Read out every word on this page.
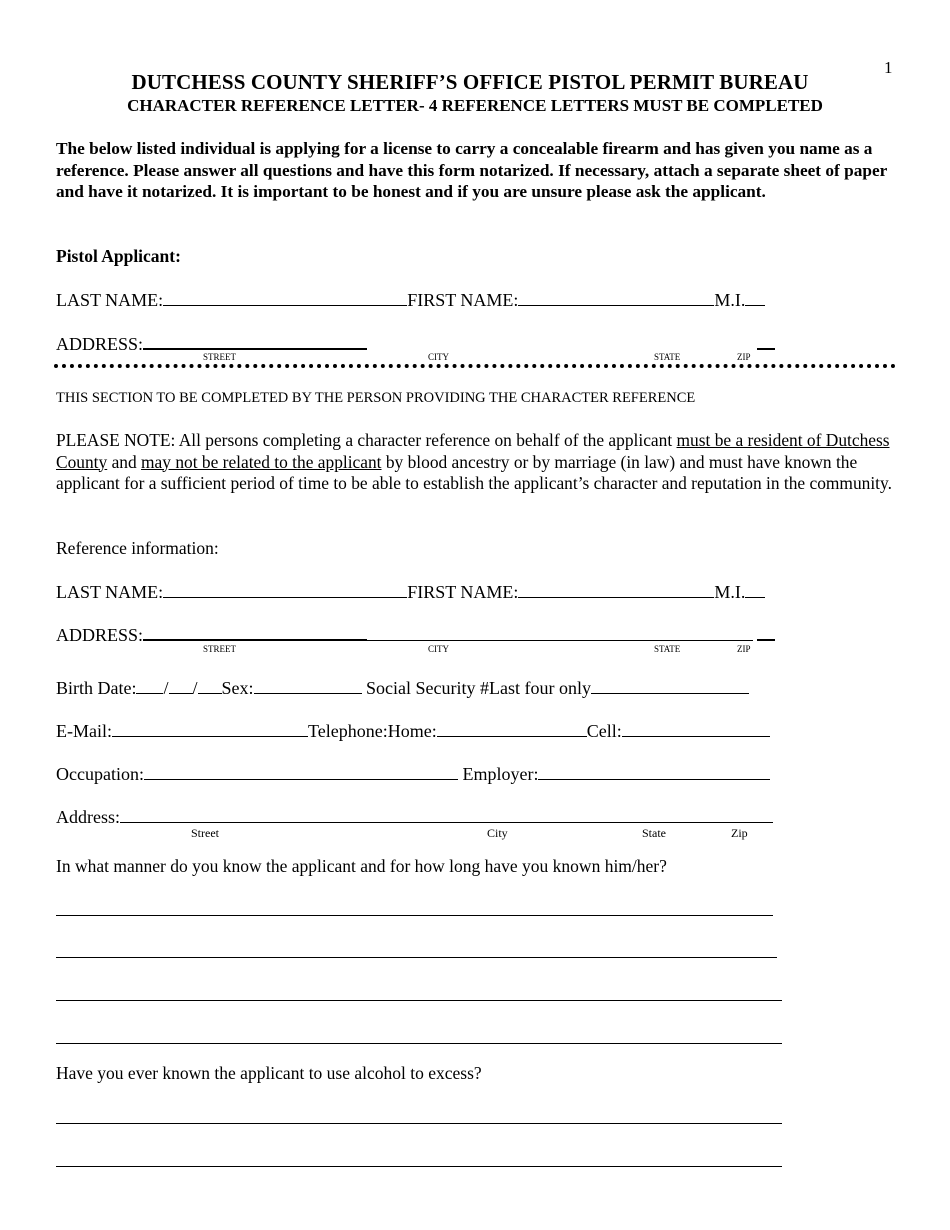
1
DUTCHESS COUNTY SHERIFF’S OFFICE PISTOL PERMIT BUREAU
CHARACTER REFERENCE LETTER- 4 REFERENCE LETTERS MUST BE COMPLETED
The below listed individual is applying for a license to carry a concealable firearm and has given you name as a reference. Please answer all questions and have this form notarized. If necessary, attach a separate sheet of paper and have it notarized. It is important to be honest and if you are unsure please ask the applicant.
Pistol Applicant:
LAST NAME:	FIRST NAME:	M.I.
ADDRESS:
STREET	CITY	STATE	ZIP
THIS SECTION TO BE COMPLETED BY THE PERSON PROVIDING THE CHARACTER REFERENCE
PLEASE NOTE: All persons completing a character reference on behalf of the applicant must be a resident of Dutchess County and may not be related to the applicant by blood ancestry or by marriage (in law) and must have known the applicant for a sufficient period of time to be able to establish the applicant’s character and reputation in the community.
Reference information:
LAST NAME:	FIRST NAME:	M.I.
ADDRESS:
STREET	CITY	STATE	ZIP
Birth Date: / / Sex:	Social Security #Last four only
E-Mail:	Telephone:Home:	Cell:
Occupation:	Employer:
Address:
Street	City	State	Zip
In what manner do you know the applicant and for how long have you known him/her?
Have you ever known the applicant to use alcohol to excess?
